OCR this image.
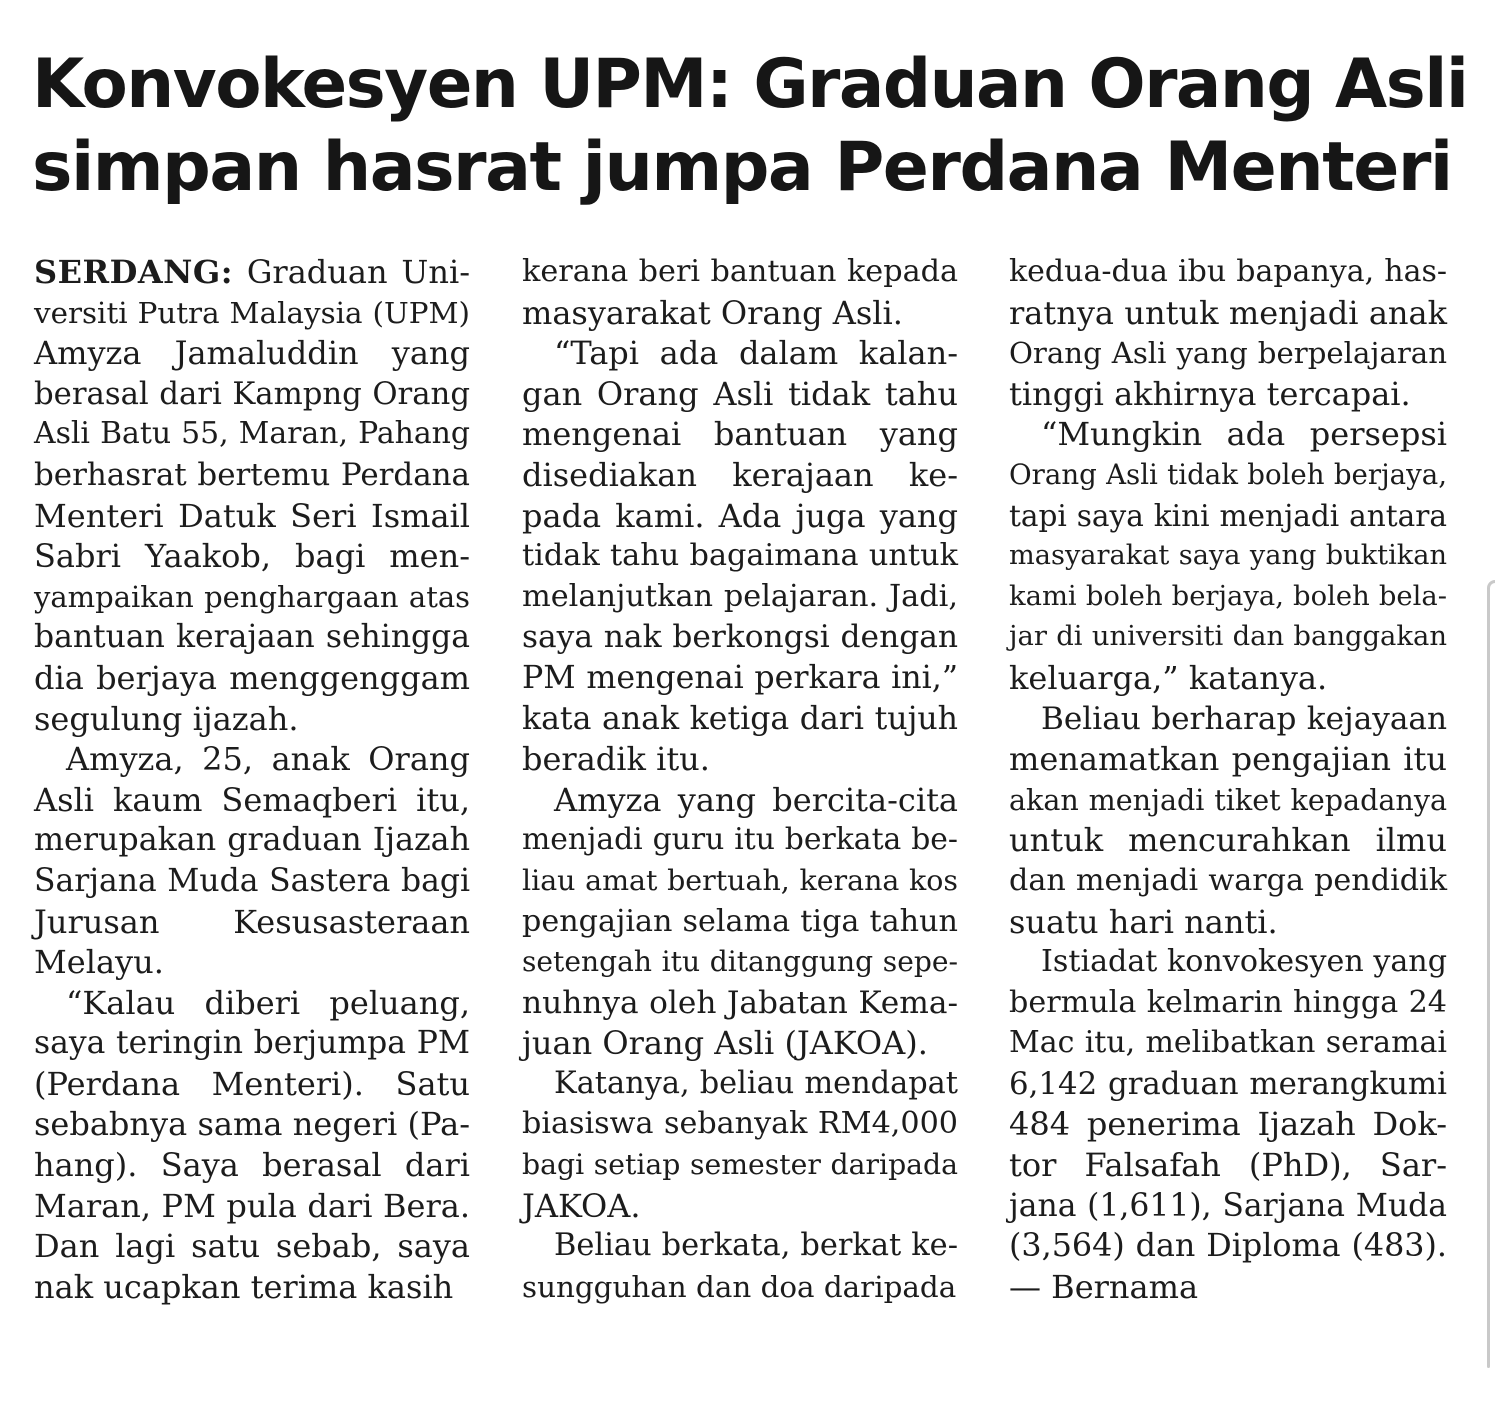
Konvokesyen UPM: Graduan Orang Asli
simpan hasrat jumpa Perdana Menteri
SERDANG: Graduan Uni-
versiti Putra Malaysia (UPM)
Amyza Jamaluddin yang
berasal dari Kampng Orang
Asli Batu 55, Maran, Pahang
berhasrat bertemu Perdana
Menteri Datuk Seri Ismail
Sabri Yaakob, bagi men-
yampaikan penghargaan atas
bantuan kerajaan sehingga
dia berjaya menggenggam
segulung ijazah.
Amyza, 25, anak Orang
Asli kaum Semaqberi itu,
merupakan graduan Ijazah
Sarjana Muda Sastera bagi
Jurusan Kesusasteraan
Melayu.
“Kalau diberi peluang,
saya teringin berjumpa PM
(Perdana Menteri). Satu
sebabnya sama negeri (Pa-
hang). Saya berasal dari
Maran, PM pula dari Bera.
Dan lagi satu sebab, saya
nak ucapkan terima kasih
kerana beri bantuan kepada
masyarakat Orang Asli.
“Tapi ada dalam kalan-
gan Orang Asli tidak tahu
mengenai bantuan yang
disediakan kerajaan ke-
pada kami. Ada juga yang
tidak tahu bagaimana untuk
melanjutkan pelajaran. Jadi,
saya nak berkongsi dengan
PM mengenai perkara ini,”
kata anak ketiga dari tujuh
beradik itu.
Amyza yang bercita-cita
menjadi guru itu berkata be-
liau amat bertuah, kerana kos
pengajian selama tiga tahun
setengah itu ditanggung sepe-
nuhnya oleh Jabatan Kema-
juan Orang Asli (JAKOA).
Katanya, beliau mendapat
biasiswa sebanyak RM4,000
bagi setiap semester daripada
JAKOA.
Beliau berkata, berkat ke-
sungguhan dan doa daripada
kedua-dua ibu bapanya, has-
ratnya untuk menjadi anak
Orang Asli yang berpelajaran
tinggi akhirnya tercapai.
“Mungkin ada persepsi
Orang Asli tidak boleh berjaya,
tapi saya kini menjadi antara
masyarakat saya yang buktikan
kami boleh berjaya, boleh bela-
jar di universiti dan banggakan
keluarga,” katanya.
Beliau berharap kejayaan
menamatkan pengajian itu
akan menjadi tiket kepadanya
untuk mencurahkan ilmu
dan menjadi warga pendidik
suatu hari nanti.
Istiadat konvokesyen yang
bermula kelmarin hingga 24
Mac itu, melibatkan seramai
6,142 graduan merangkumi
484 penerima Ijazah Dok-
tor Falsafah (PhD), Sar-
jana (1,611), Sarjana Muda
(3,564) dan Diploma (483).
— Bernama
